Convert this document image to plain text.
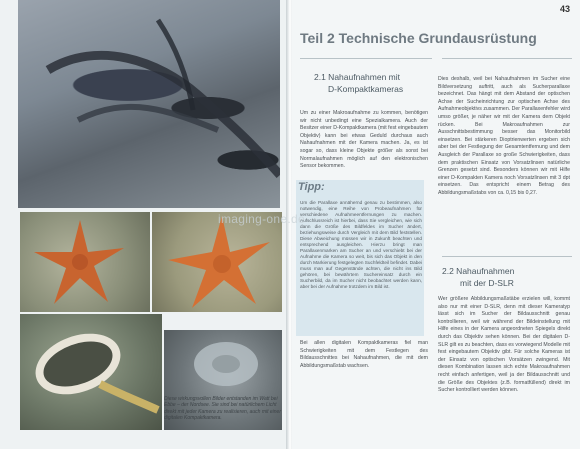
Diese wirkungsvollen Bilder entstanden im Watt bei Ebbe – der Nordsee. Sie sind bei natürlichem Licht direkt mit jeder Kamera zu realisieren, auch mit einer digitalen Kompaktkamera.

43
Teil 2 Technische Grundausrüstung

2.1 Nahaufnahmen mit

D-Kompaktkameras

Um zu einer Makroaufnahme zu kommen, benötigen wir nicht unbedingt eine Spezialkamera. Auch der Besitzer einer D-Kompaktkamera (mit fest eingebautem Objektiv) kann bei etwas Geduld durchaus auch Nahaufnahmen mit der Kamera machen. Ja, es ist sogar so, dass kleine Objekte größer als sonst bei Normalaufnahmen möglich auf den elektronischen Sensor bekommen.

Bei allen digitalen Kompaktkameras fiel man Schwierigkeiten mit dem Festlegen des Bildausschnittes bei Nahaufnahmen, die mit dem Abbildungsmaßstab wachsen.

Dies deshalb, weil bei Nahaufnahmen im Sucher eine Bildversetzung auftritt, auch als Sucherparallaxe bezeichnet. Das hängt mit dem Abstand der optischen Achse der Sucheinrichtung zur optischen Achse des Aufnahmeobjektivs zusammen. Der Parallaxenfehler wird umso größer, je näher wir mit der Kamera dem Objekt rücken. Bei Makroaufnahmen zur Ausschnittsbestimmung besser das Monitorbild einsetzen. Bei stärkeren Dioptrienwerten ergeben sich aber bei der Festlegung der Gesamtentfernung und dem Ausgleich der Parallaxe so große Schwierigkeiten, dass dem praktischen Einsatz von Vorsatzlinsen natürliche Grenzen gesetzt sind. Besonders können wir mit Hilfe einer D-Kompakten Kamera noch Vorsatzlinsen mit 3 dpt einsetzen. Das entspricht einem Betrag des Abbildungsmaßstabs von ca. 0,15 bis 0,27.

2.2 Nahaufnahmen

mit der D-SLR

Wer größere Abbildungsmaßstäbe erzielen will, kommt also nur mit einer D-SLR, denn mit dieser Kameratyp lässt sich im Sucher der Bildausschnitt genau kontrollieren, weil wir während der Bildeinstellung mit Hilfe eines in der Kamera angeordneten Spiegels direkt durch das Objektiv sehen können. Bei der digitalen D-SLR gilt es zu beachten, dass es vorwiegend Modelle mit fest eingebautem Objektiv gibt. Für solche Kameras ist der Einsatz von optischen Vorsätzen zwingend. Mit diesen Kombination lassen sich echte Makroaufnahmen recht einfach anfertigen, weil ja der Bildausschnitt und die Größe des Objektes (z.B. formatfüllend) direkt im Sucher kontrolliert werden können.

Tipp:

Um die Parallaxe annähernd genau zu bestimmen, also notwendig, eine Reihe von Probeaufnahmen für verschiedene Aufnahmeentfernungen zu machen. Aufschlussreich ist hierbei, dass Sie vergleichen, wie sich dann die Größe des Bildfeldes im Sucher ändert, beziehungsweise durch Vergleich mit dem Bild feststellen. Diese Abweichung müssen wir in Zukunft beachten und entsprechend ausgleichen. Hierzu bringt man Parallaxenmarken am Sucher an und verschiebt bei der Aufnahme die Kamera so weit, bis sich das Objekt in den durch Markierung festgelegten Suchfeldteil befindet. Dabei muss man auf Gegenstände achten, die nicht ins Bild gehören, bei bewährtem Suchereinsatz durch ein Sucherbild, da im Sucher nicht beobachtet werden kann, aber bei der Aufnahme trotzdem im Bild ist.

imaging-one.de
